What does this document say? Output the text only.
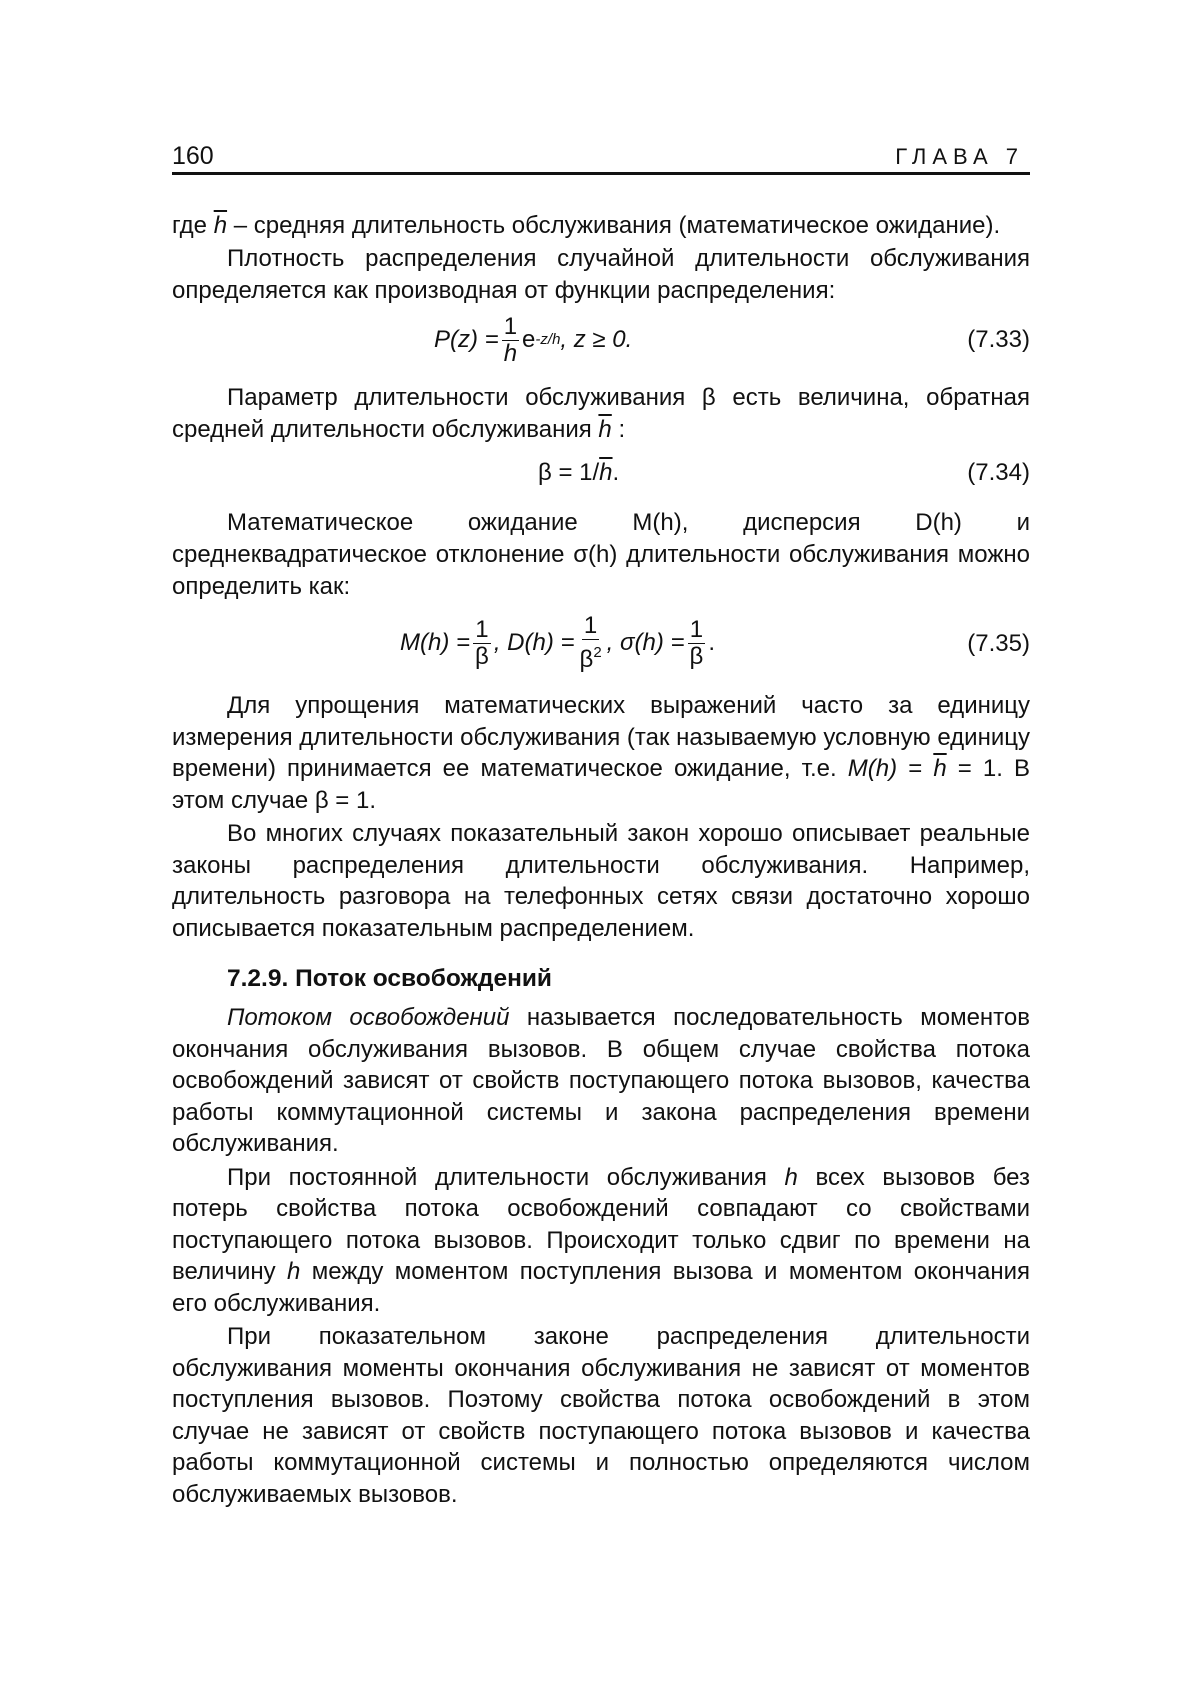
160	ГЛАВА 7

где $\overline{h}$ – средняя длительность обслуживания (математическое ожидание).

Плотность распределения случайной длительности обслуживания определяется как производная от функции распределения:

$P(z) = \frac{1}{h}$ e -z/h , z ≥ 0.	(7.33)

Параметр длительности обслуживания β есть величина, обратная средней длительности обслуживания $\overline{h}$ :

β = 1/ $\overline{h}$ .	(7.34)

Математическое ожидание M(h), дисперсия D(h) и среднеквадратическое отклонение σ(h) длительности обслуживания можно определить как:

$M(h) = \frac{1}{\beta}$ , $D(h) = \frac{1}{\beta^2}$ , $\sigma(h) = \frac{1}{\beta}$ .	(7.35)

Для упрощения математических выражений часто за единицу измерения длительности обслуживания (так называемую условную единицу времени) принимается ее математическое ожидание, т.е. $M(h) = \overline{h} = 1$. В этом случае β = 1.

Во многих случаях показательный закон хорошо описывает реальные законы распределения длительности обслуживания. Например, длительность разговора на телефонных сетях связи достаточно хорошо описывается показательным распределением.

7.2.9. Поток освобождений

Потоком освобождений называется последовательность моментов окончания обслуживания вызовов. В общем случае свойства потока освобождений зависят от свойств поступающего потока вызовов, качества работы коммутационной системы и закона распределения времени обслуживания.

При постоянной длительности обслуживания h всех вызовов без потерь свойства потока освобождений совпадают со свойствами поступающего потока вызовов. Происходит только сдвиг по времени на величину h между моментом поступления вызова и моментом окончания его обслуживания.

При показательном законе распределения длительности обслуживания моменты окончания обслуживания не зависят от моментов поступления вызовов. Поэтому свойства потока освобождений в этом случае не зависят от свойств поступающего потока вызовов и качества работы коммутационной системы и полностью определяются числом обслуживаемых вызовов.
